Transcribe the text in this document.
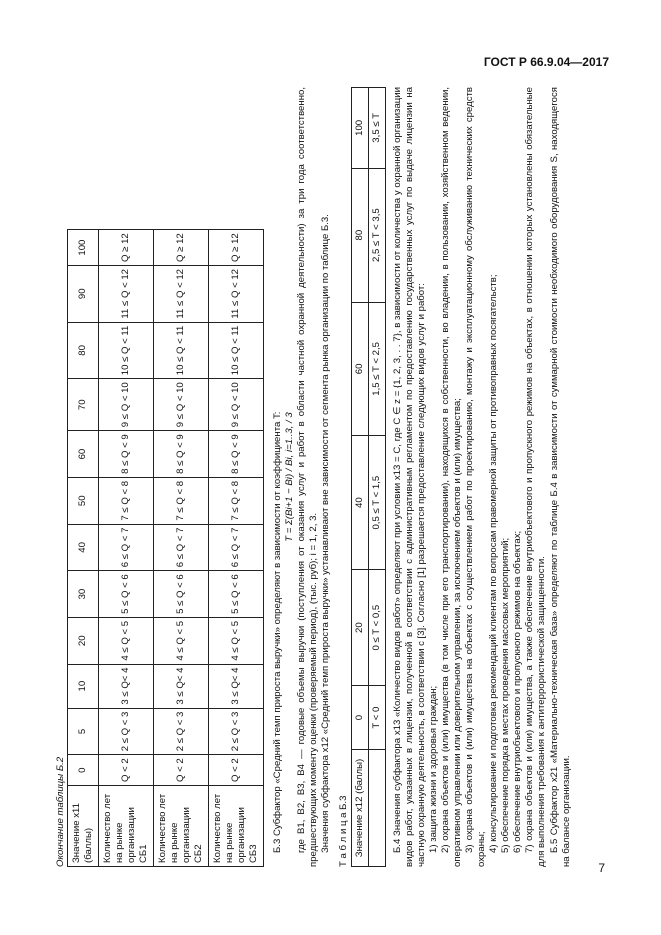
ГОСТ Р 66.9.04—2017

Окончание таблицы Б.2 Значение x11 (баллы)	0	5	10	20	30	40	50	60	70	80	90	100
Количество лет на рынке организации СБ1	Q < 2	2 ≤ Q < 3	3 ≤ Q< 4	4 ≤ Q < 5	5 ≤ Q < 6	6 ≤ Q < 7	7 ≤ Q < 8	8 ≤ Q < 9	9 ≤ Q < 10	10 ≤ Q < 11	11 ≤ Q < 12	Q ≥ 12
Количество лет на рынке организации СБ2	Q < 2	2 ≤ Q < 3	3 ≤ Q< 4	4 ≤ Q < 5	5 ≤ Q < 6	6 ≤ Q < 7	7 ≤ Q < 8	8 ≤ Q < 9	9 ≤ Q < 10	10 ≤ Q < 11	11 ≤ Q < 12	Q ≥ 12
Количество лет на рынке организации СБ3	Q < 2	2 ≤ Q < 3	3 ≤ Q< 4	4 ≤ Q < 5	5 ≤ Q < 6	6 ≤ Q < 7	7 ≤ Q < 8	8 ≤ Q < 9	9 ≤ Q < 10	10 ≤ Q < 11	11 ≤ Q < 12	Q ≥ 12

Б.3 Субфактор «Средний темп прироста выручки» определяют в зависимости от коэффициента T: T = Σ(Bi+1 − Bi) / Bi, i=1..3, / 3 где B1, B2, B3, B4 — годовые объемы выручки (поступления от оказания услуг и работ в области частной охранной деятельности) за три года соответственно, предшествующих моменту оценки (проверяемый период), (тыс. руб); i = 1, 2, 3. Значения субфактора x12 «Средний темп прироста выручки» устанавливают вне зависимости от сегмента рынка организации по таблице Б.3. Т а б л и ц а Б.3 Значение x12 (баллы)	0	20	40	60	80	100
	T < 0	0 ≤ T < 0,5	0,5 ≤ T < 1,5	1,5 ≤ T < 2,5	2,5 ≤ T < 3,5	3,5 ≤ T Б.4 Значения субфактора x13 «Количество видов работ» определяют при условии x13 = C, где C ∈ z = {1, 2, 3, . . 7}, в зависимости от количества у охранной организации видов работ, указанных в лицензии, полученной в соответствии с административным регламентом по предоставлению государственных услуг по выдаче лицензии на частную охранную деятельность, в соответствии с [3]. Согласно [1] разрешается предоставление следующих видов услуг и работ: 1) защита жизни и здоровья граждан; 2) охрана объектов и (или) имущества (в том числе при его транспортировании), находящихся в собственности, во владении, в пользовании, хозяйственном ведении, оперативном управлении или доверительном управлении, за исключением объектов и (или) имущества; 3) охрана объектов и (или) имущества на объектах с осуществлением работ по проектированию, монтажу и эксплуатационному обслуживанию технических средств охраны; 4) консультирование и подготовка рекомендаций клиентам по вопросам правомерной защиты от противоправных посягательств; 5) обеспечение порядка в местах проведения массовых мероприятий; 6) обеспечение внутриобъектового и пропускного режимов на объектах; 7) охрана объектов и (или) имущества, а также обеспечение внутриобъектового и пропускного режимов на объектах, в отношении которых установлены обязательные для выполнения требования к антитеррористической защищенности. Б.5 Субфактор x21 «Материально-техническая база» определяют по таблице Б.4 в зависимости от суммарной стоимости необходимого оборудования S, находящегося на балансе организации.

7
